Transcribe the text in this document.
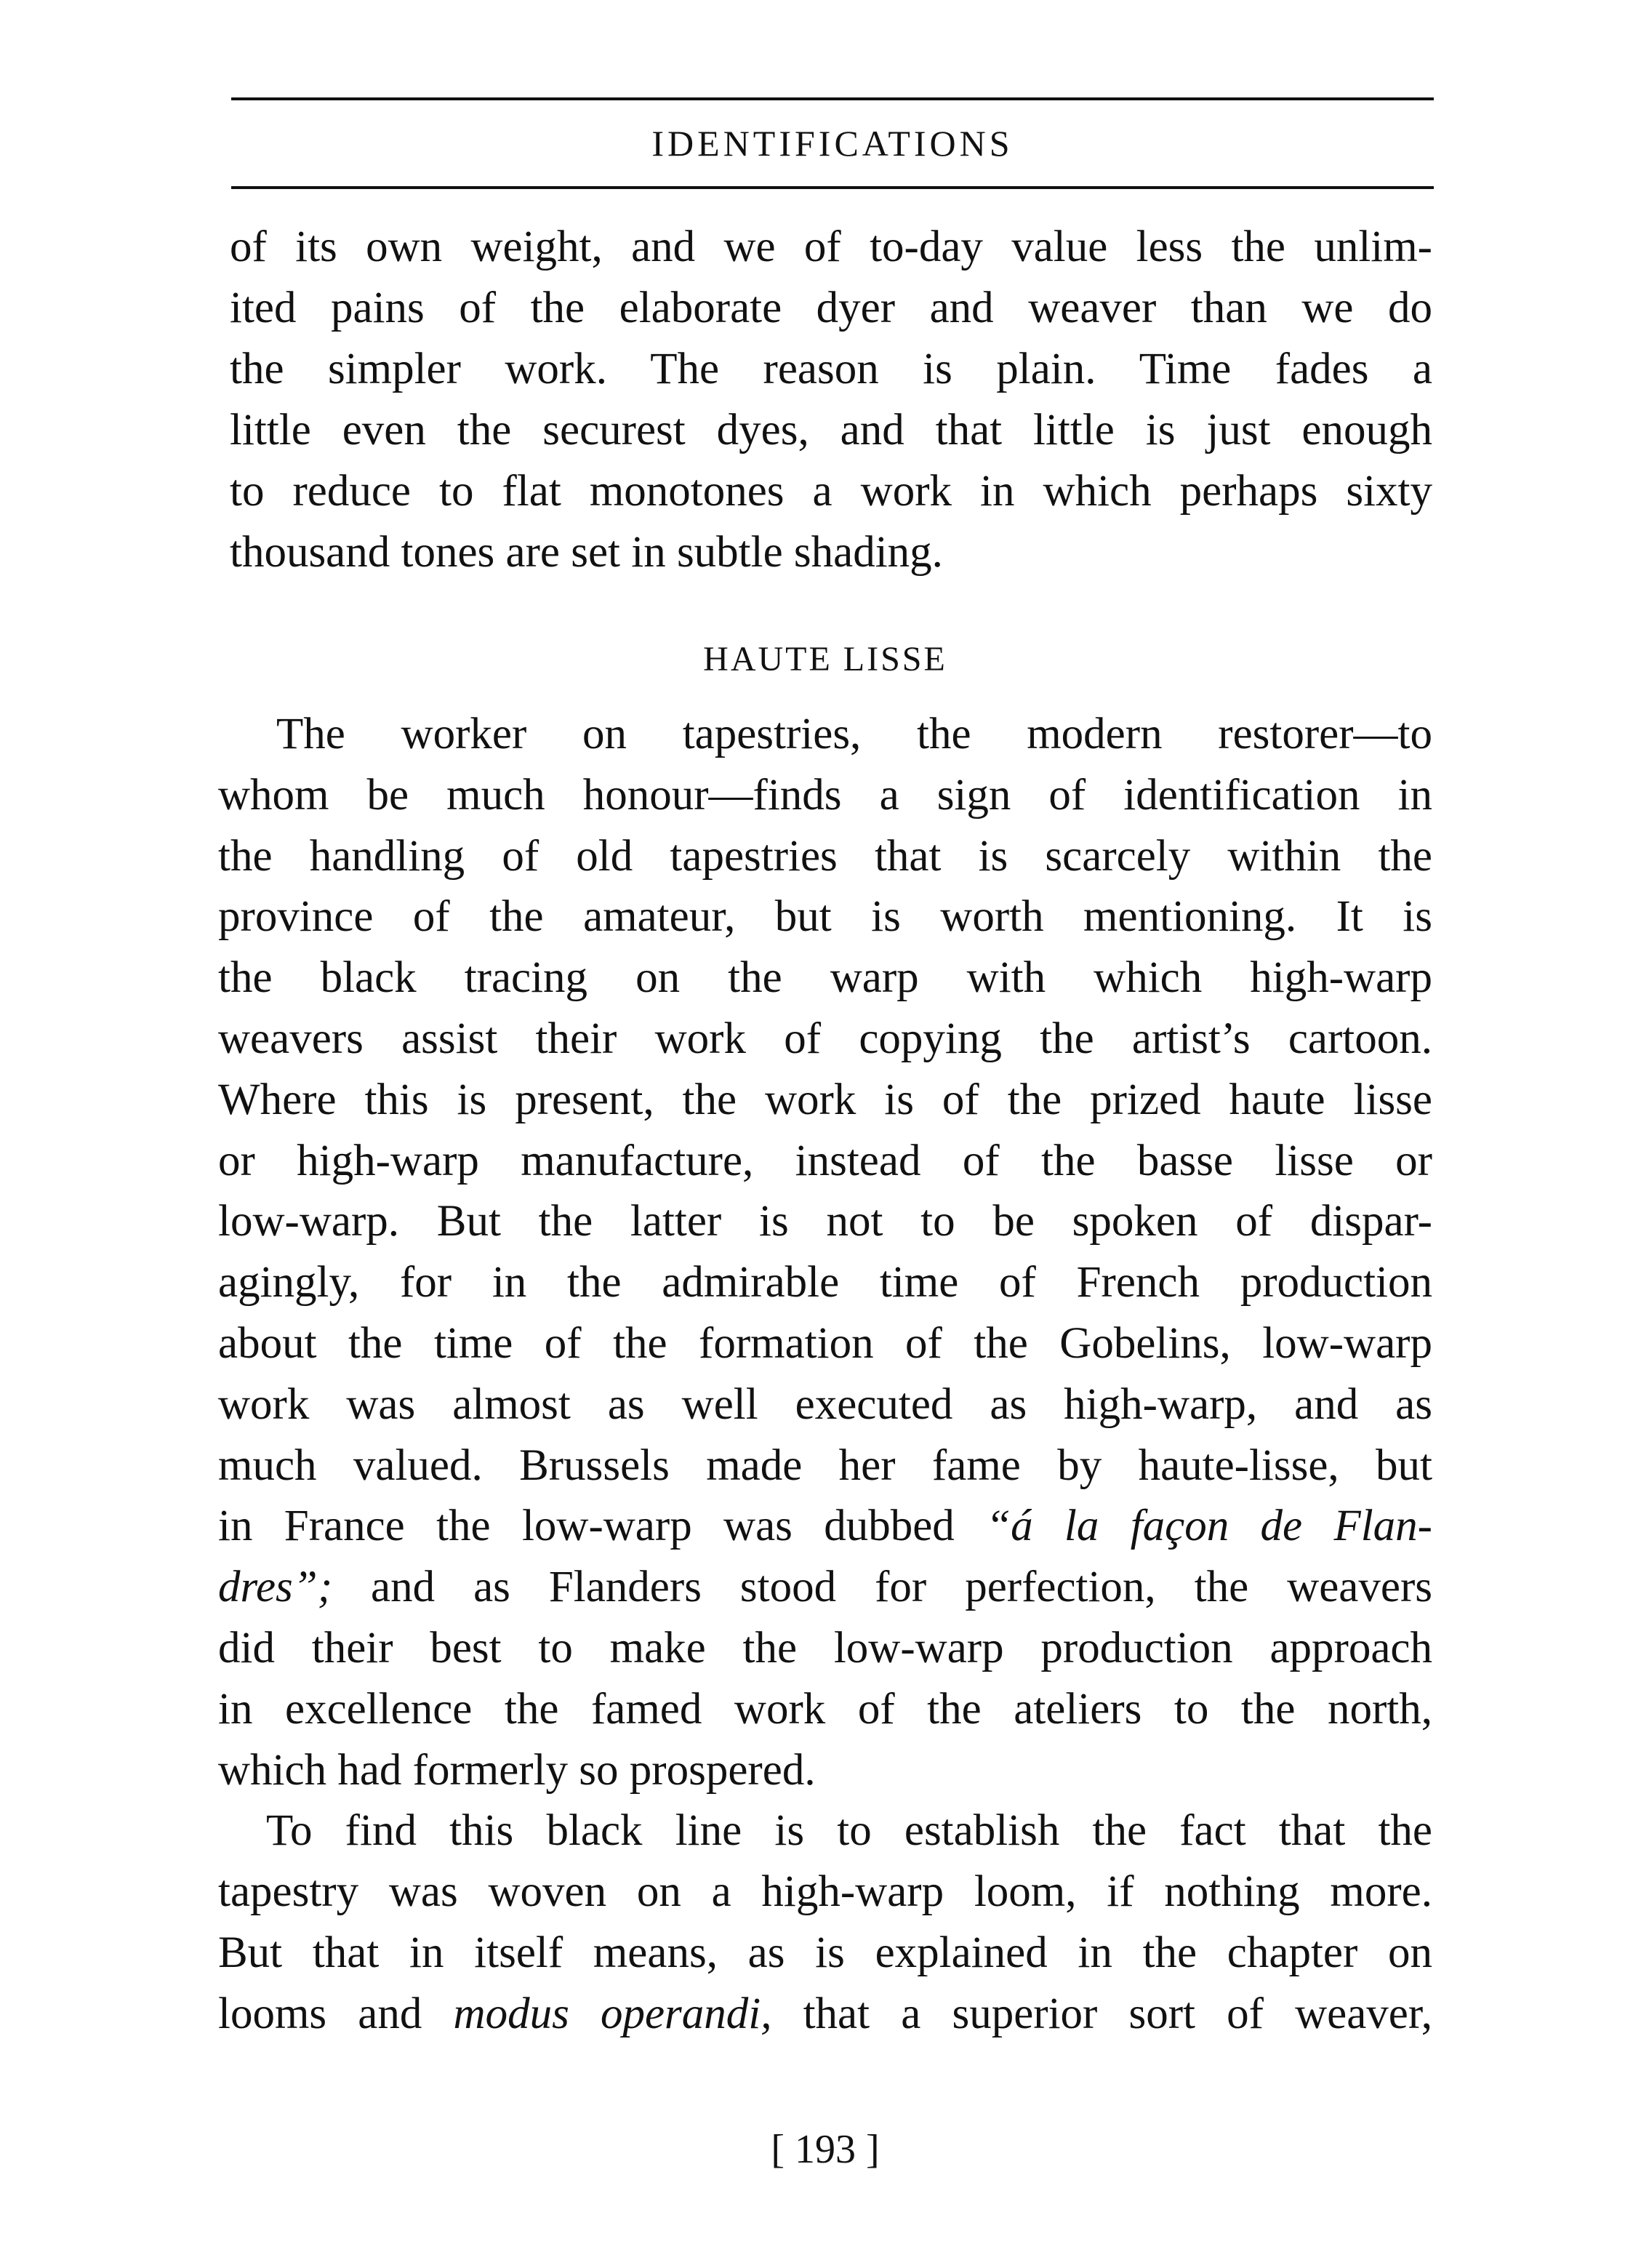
IDENTIFICATIONS
of its own weight, and we of to-day value less the unlim-
ited pains of the elaborate dyer and weaver than we do
the simpler work. The reason is plain. Time fades a
little even the securest dyes, and that little is just enough
to reduce to flat monotones a work in which perhaps sixty
thousand tones are set in subtle shading.
The worker on tapestries, the modern restorer—to
whom be much honour—finds a sign of identification in
the handling of old tapestries that is scarcely within the
province of the amateur, but is worth mentioning. It is
the black tracing on the warp with which high-warp
weavers assist their work of copying the artist’s cartoon.
Where this is present, the work is of the prized haute lisse
or high-warp manufacture, instead of the basse lisse or
low-warp. But the latter is not to be spoken of dispar-
agingly, for in the admirable time of French production
about the time of the formation of the Gobelins, low-warp
work was almost as well executed as high-warp, and as
much valued. Brussels made her fame by haute-lisse, but
in France the low-warp was dubbed “á la façon de Flan-
dres”; and as Flanders stood for perfection, the weavers
did their best to make the low-warp production approach
in excellence the famed work of the ateliers to the north,
which had formerly so prospered.
To find this black line is to establish the fact that the
tapestry was woven on a high-warp loom, if nothing more.
But that in itself means, as is explained in the chapter on
looms and modus operandi, that a superior sort of weaver,
HAUTE LISSE
[ 193 ]
